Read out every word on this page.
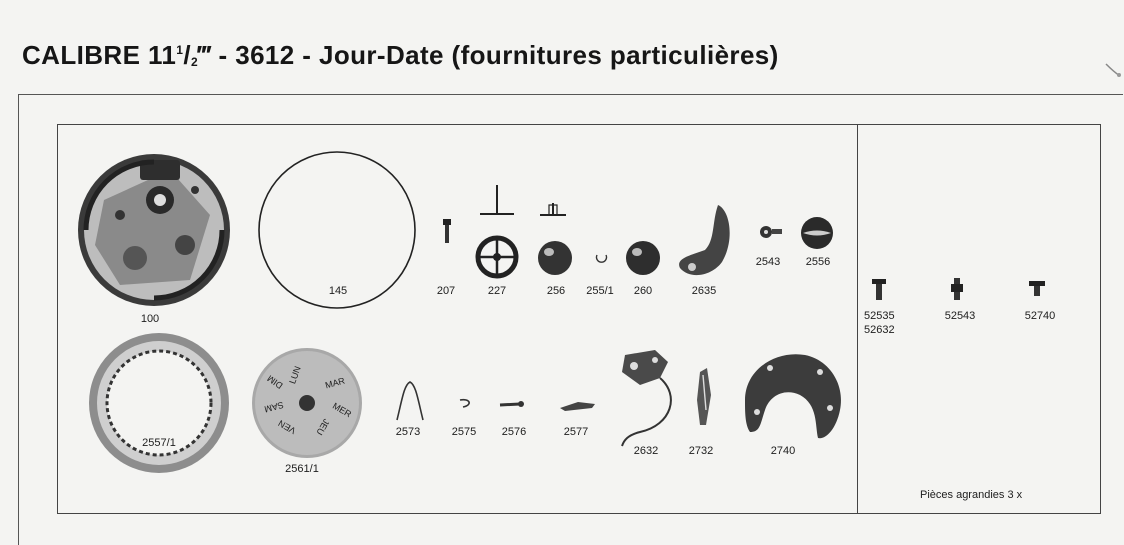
CALIBRE $11^1/_2‴ - 3612$ - Jour-Date (fournitures particulières)
LUN MAR
MER
JEU
VEN
SAM
DIM
100
145	207	227	256 255/1 260	2635
2543 2556
2557/1
2561/1
2573	2575 2576	2577
2632	2732	2740
52535
52632
52543	52740
Pièces agrandies 3 x
